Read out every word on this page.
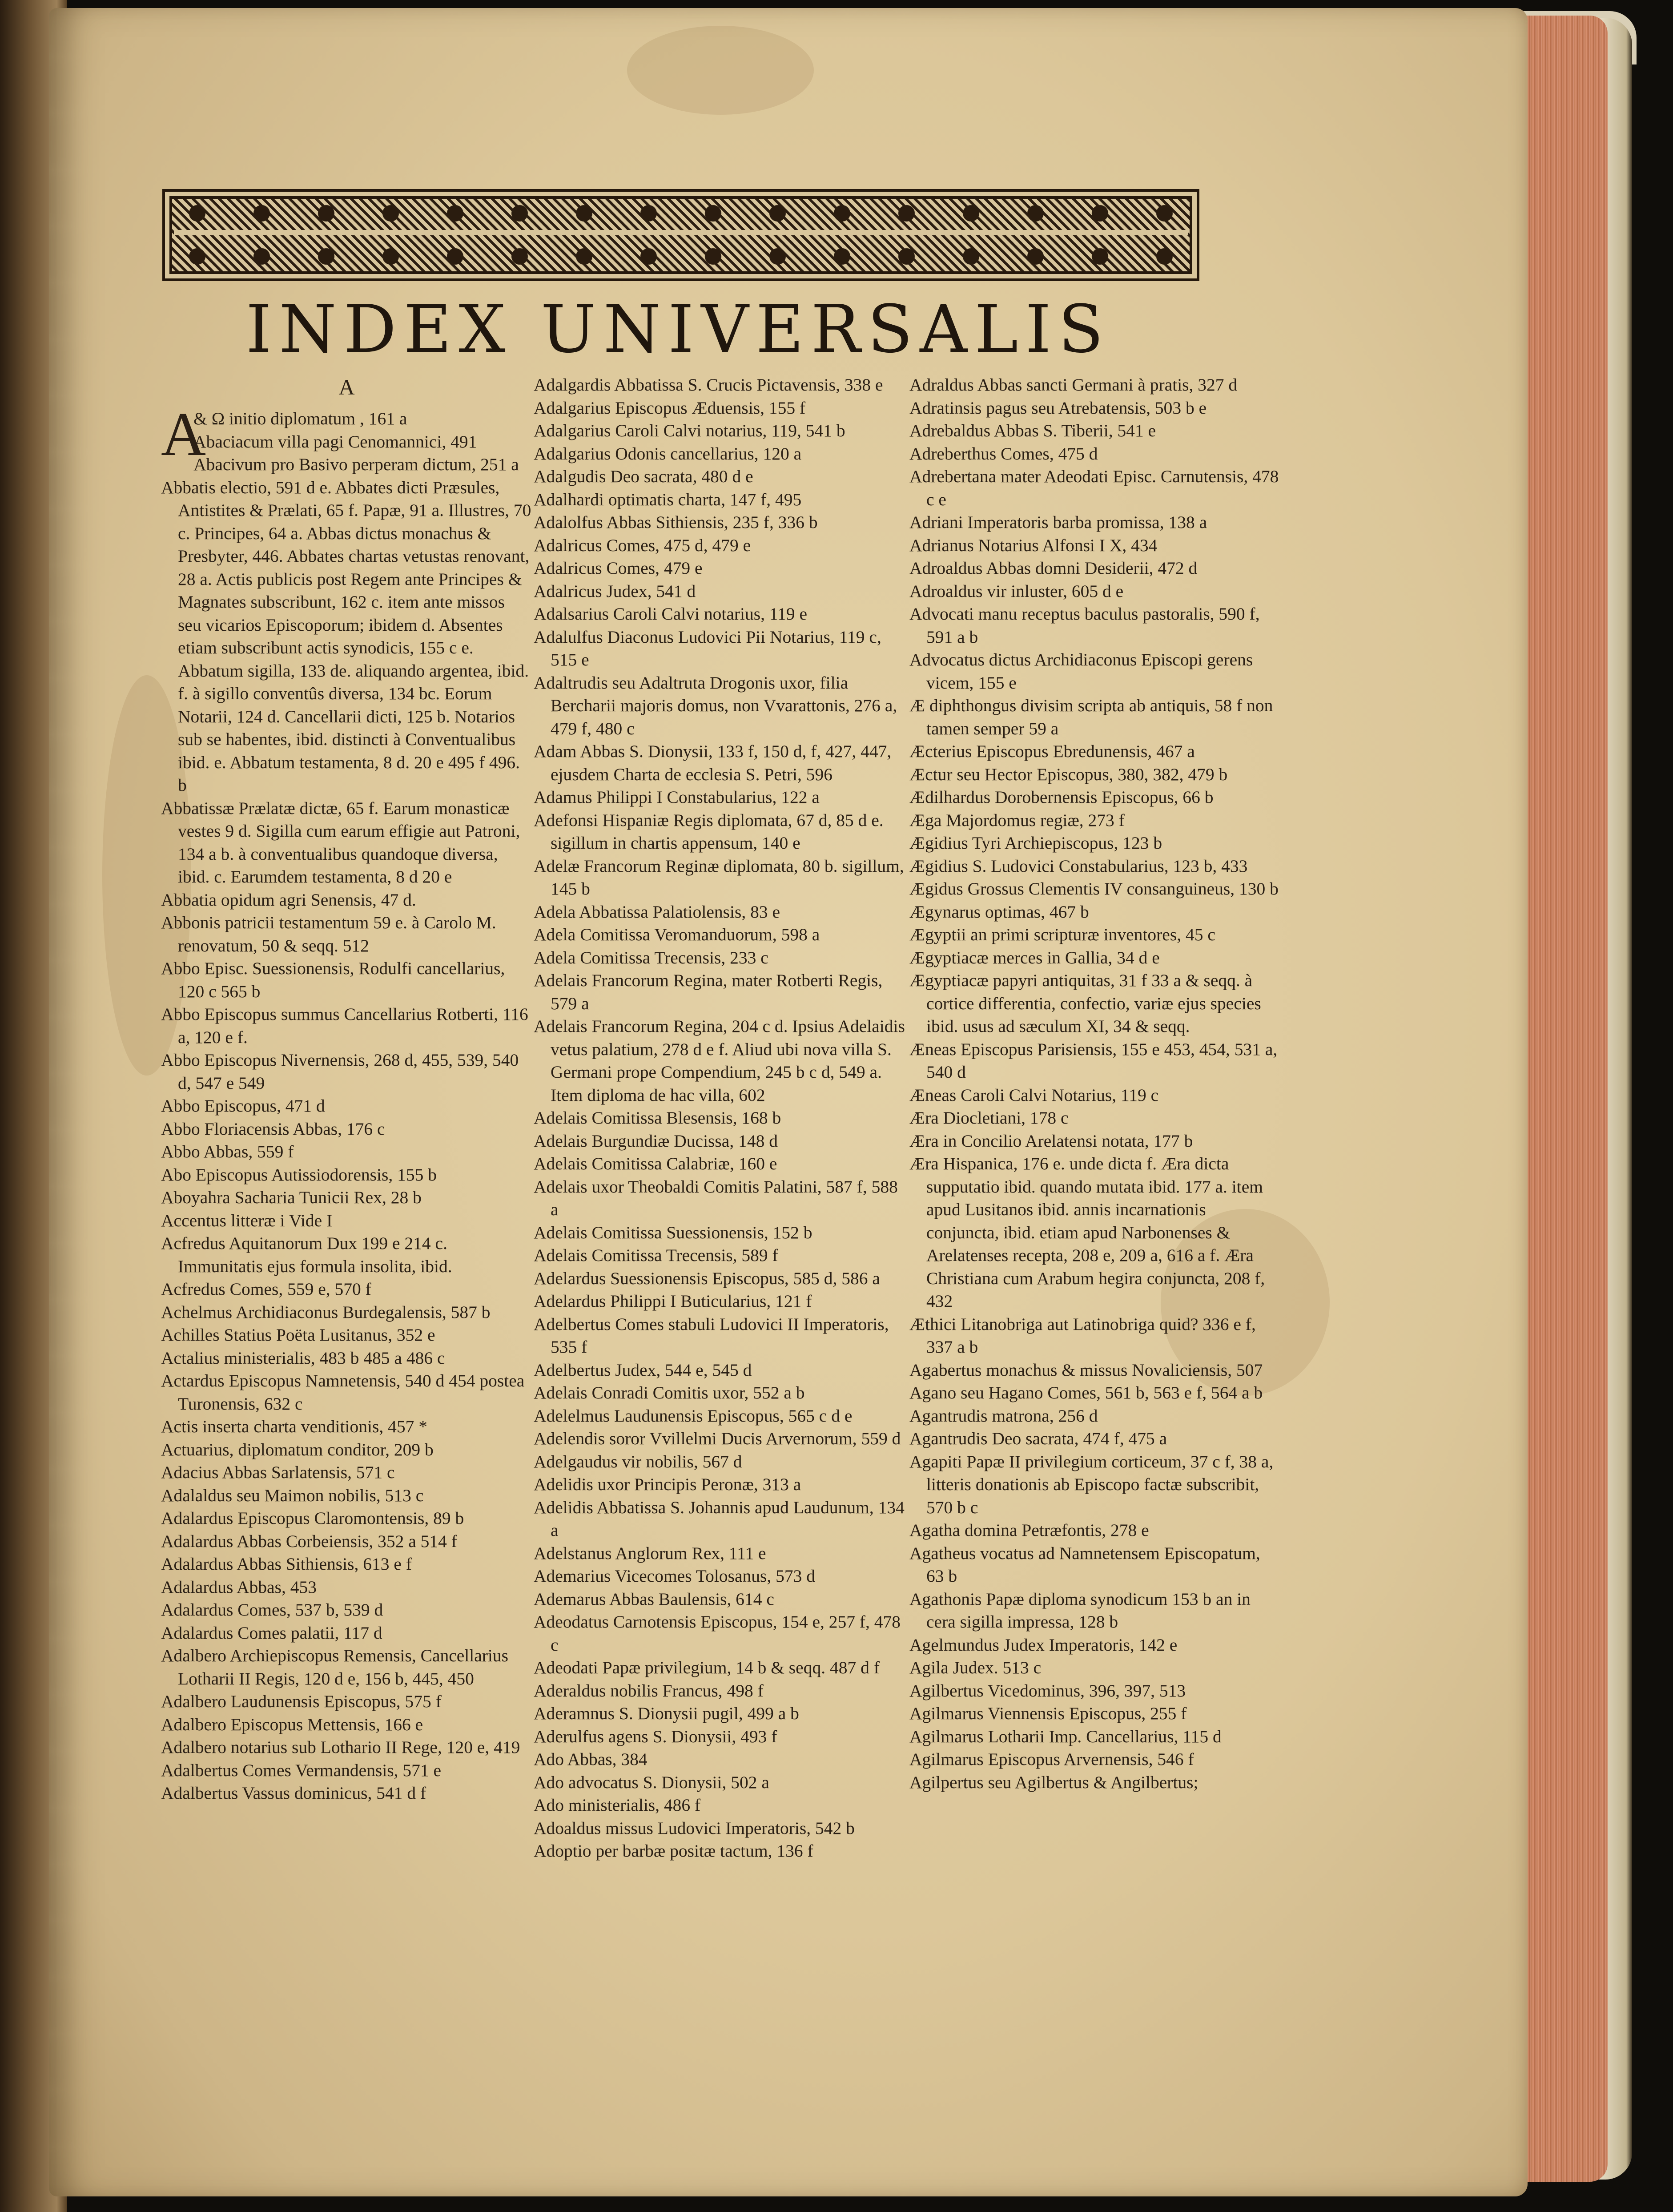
INDEX UNIVERSALIS
A
A
& Ω initio diplomatum , 161 a
Abaciacum villa pagi Cenomannici, 491
Abacivum pro Basivo perperam dictum, 251 a
Abbatis electio, 591 d e. Abbates dicti Præsules, Antistites & Prælati, 65 f. Papæ, 91 a. Illustres, 70 c. Principes, 64 a. Abbas dictus monachus & Presbyter, 446. Abbates chartas vetustas renovant, 28 a. Actis publicis post Regem ante Principes & Magnates subscribunt, 162 c. item ante missos seu vicarios Episcoporum; ibidem d. Absentes etiam subscribunt actis synodicis, 155 c e. Abbatum sigilla, 133 de. aliquando argentea, ibid. f. à sigillo conventûs diversa, 134 bc. Eorum Notarii, 124 d. Cancellarii dicti, 125 b. Notarios sub se habentes, ibid. distincti à Conventualibus ibid. e. Abbatum testamenta, 8 d. 20 e 495 f 496. b
Abbatissæ Prælatæ dictæ, 65 f. Earum monasticæ vestes 9 d. Sigilla cum earum effigie aut Patroni, 134 a b. à conventualibus quandoque diversa, ibid. c. Earumdem testamenta, 8 d 20 e
Abbatia opidum agri Senensis, 47 d.
Abbonis patricii testamentum 59 e. à Carolo M. renovatum, 50 & seqq. 512
Abbo Episc. Suessionensis, Rodulfi cancellarius, 120 c 565 b
Abbo Episcopus summus Cancellarius Rotberti, 116 a, 120 e f.
Abbo Episcopus Nivernensis, 268 d, 455, 539, 540 d, 547 e 549
Abbo Episcopus, 471 d
Abbo Floriacensis Abbas, 176 c
Abbo Abbas, 559 f
Abo Episcopus Autissiodorensis, 155 b
Aboyahra Sacharia Tunicii Rex, 28 b
Accentus litteræ i Vide I
Acfredus Aquitanorum Dux 199 e 214 c. Immunitatis ejus formula insolita, ibid.
Acfredus Comes, 559 e, 570 f
Achelmus Archidiaconus Burdegalensis, 587 b
Achilles Statius Poëta Lusitanus, 352 e
Actalius ministerialis, 483 b 485 a 486 c
Actardus Episcopus Namnetensis, 540 d 454 postea Turonensis, 632 c
Actis inserta charta venditionis, 457 *
Actuarius, diplomatum conditor, 209 b
Adacius Abbas Sarlatensis, 571 c
Adalaldus seu Maimon nobilis, 513 c
Adalardus Episcopus Claromontensis, 89 b
Adalardus Abbas Corbeiensis, 352 a 514 f
Adalardus Abbas Sithiensis, 613 e f
Adalardus Abbas, 453
Adalardus Comes, 537 b, 539 d
Adalardus Comes palatii, 117 d
Adalbero Archiepiscopus Remensis, Cancellarius Lotharii II Regis, 120 d e, 156 b, 445, 450
Adalbero Laudunensis Episcopus, 575 f
Adalbero Episcopus Mettensis, 166 e
Adalbero notarius sub Lothario II Rege, 120 e, 419
Adalbertus Comes Vermandensis, 571 e
Adalbertus Vassus dominicus, 541 d f
Adalgardis Abbatissa S. Crucis Pictavensis, 338 e
Adalgarius Episcopus Æduensis, 155 f
Adalgarius Caroli Calvi notarius, 119, 541 b
Adalgarius Odonis cancellarius, 120 a
Adalgudis Deo sacrata, 480 d e
Adalhardi optimatis charta, 147 f, 495
Adalolfus Abbas Sithiensis, 235 f, 336 b
Adalricus Comes, 475 d, 479 e
Adalricus Comes, 479 e
Adalricus Judex, 541 d
Adalsarius Caroli Calvi notarius, 119 e
Adalulfus Diaconus Ludovici Pii Notarius, 119 c, 515 e
Adaltrudis seu Adaltruta Drogonis uxor, filia Bercharii majoris domus, non Vvarattonis, 276 a, 479 f, 480 c
Adam Abbas S. Dionysii, 133 f, 150 d, f, 427, 447, ejusdem Charta de ecclesia S. Petri, 596
Adamus Philippi I Constabularius, 122 a
Adefonsi Hispaniæ Regis diplomata, 67 d, 85 d e. sigillum in chartis appensum, 140 e
Adelæ Francorum Reginæ diplomata, 80 b. sigillum, 145 b
Adela Abbatissa Palatiolensis, 83 e
Adela Comitissa Veromanduorum, 598 a
Adela Comitissa Trecensis, 233 c
Adelais Francorum Regina, mater Rotberti Regis, 579 a
Adelais Francorum Regina, 204 c d. Ipsius Adelaidis vetus palatium, 278 d e f. Aliud ubi nova villa S. Germani prope Compendium, 245 b c d, 549 a. Item diploma de hac villa, 602
Adelais Comitissa Blesensis, 168 b
Adelais Burgundiæ Ducissa, 148 d
Adelais Comitissa Calabriæ, 160 e
Adelais uxor Theobaldi Comitis Palatini, 587 f, 588 a
Adelais Comitissa Suessionensis, 152 b
Adelais Comitissa Trecensis, 589 f
Adelardus Suessionensis Episcopus, 585 d, 586 a
Adelardus Philippi I Buticularius, 121 f
Adelbertus Comes stabuli Ludovici II Imperatoris, 535 f
Adelbertus Judex, 544 e, 545 d
Adelais Conradi Comitis uxor, 552 a b
Adelelmus Laudunensis Episcopus, 565 c d e
Adelendis soror Vvillelmi Ducis Arvernorum, 559 d
Adelgaudus vir nobilis, 567 d
Adelidis uxor Principis Peronæ, 313 a
Adelidis Abbatissa S. Johannis apud Laudunum, 134 a
Adelstanus Anglorum Rex, 111 e
Ademarius Vicecomes Tolosanus, 573 d
Ademarus Abbas Baulensis, 614 c
Adeodatus Carnotensis Episcopus, 154 e, 257 f, 478 c
Adeodati Papæ privilegium, 14 b & seqq. 487 d f
Aderaldus nobilis Francus, 498 f
Aderamnus S. Dionysii pugil, 499 a b
Aderulfus agens S. Dionysii, 493 f
Ado Abbas, 384
Ado advocatus S. Dionysii, 502 a
Ado ministerialis, 486 f
Adoaldus missus Ludovici Imperatoris, 542 b
Adoptio per barbæ positæ tactum, 136 f
Adraldus Abbas sancti Germani à pratis, 327 d
Adratinsis pagus seu Atrebatensis, 503 b e
Adrebaldus Abbas S. Tiberii, 541 e
Adreberthus Comes, 475 d
Adrebertana mater Adeodati Episc. Carnutensis, 478 c e
Adriani Imperatoris barba promissa, 138 a
Adrianus Notarius Alfonsi I X, 434
Adroaldus Abbas domni Desiderii, 472 d
Adroaldus vir inluster, 605 d e
Advocati manu receptus baculus pastoralis, 590 f, 591 a b
Advocatus dictus Archidiaconus Episcopi gerens vicem, 155 e
Æ diphthongus divisim scripta ab antiquis, 58 f non tamen semper 59 a
Æcterius Episcopus Ebredunensis, 467 a
Æctur seu Hector Episcopus, 380, 382, 479 b
Ædilhardus Dorobernensis Episcopus, 66 b
Æga Majordomus regiæ, 273 f
Ægidius Tyri Archiepiscopus, 123 b
Ægidius S. Ludovici Constabularius, 123 b, 433
Ægidus Grossus Clementis IV consanguineus, 130 b
Ægynarus optimas, 467 b
Ægyptii an primi scripturæ inventores, 45 c
Ægyptiacæ merces in Gallia, 34 d e
Ægyptiacæ papyri antiquitas, 31 f 33 a & seqq. à cortice differentia, confectio, variæ ejus species ibid. usus ad sæculum XI, 34 & seqq.
Æneas Episcopus Parisiensis, 155 e 453, 454, 531 a, 540 d
Æneas Caroli Calvi Notarius, 119 c
Æra Diocletiani, 178 c
Æra in Concilio Arelatensi notata, 177 b
Æra Hispanica, 176 e. unde dicta f. Æra dicta supputatio ibid. quando mutata ibid. 177 a. item apud Lusitanos ibid. annis incarnationis conjuncta, ibid. etiam apud Narbonenses & Arelatenses recepta, 208 e, 209 a, 616 a f. Æra Christiana cum Arabum hegira conjuncta, 208 f, 432
Æthici Litanobriga aut Latinobriga quid? 336 e f, 337 a b
Agabertus monachus & missus Novaliciensis, 507
Agano seu Hagano Comes, 561 b, 563 e f, 564 a b
Agantrudis matrona, 256 d
Agantrudis Deo sacrata, 474 f, 475 a
Agapiti Papæ II privilegium corticeum, 37 c f, 38 a, litteris donationis ab Episcopo factæ subscribit, 570 b c
Agatha domina Petræfontis, 278 e
Agatheus vocatus ad Namnetensem Episcopatum, 63 b
Agathonis Papæ diploma synodicum 153 b an in cera sigilla impressa, 128 b
Agelmundus Judex Imperatoris, 142 e
Agila Judex. 513 c
Agilbertus Vicedominus, 396, 397, 513
Agilmarus Viennensis Episcopus, 255 f
Agilmarus Lotharii Imp. Cancellarius, 115 d
Agilmarus Episcopus Arvernensis, 546 f
Agilpertus seu Agilbertus & Angilbertus;
